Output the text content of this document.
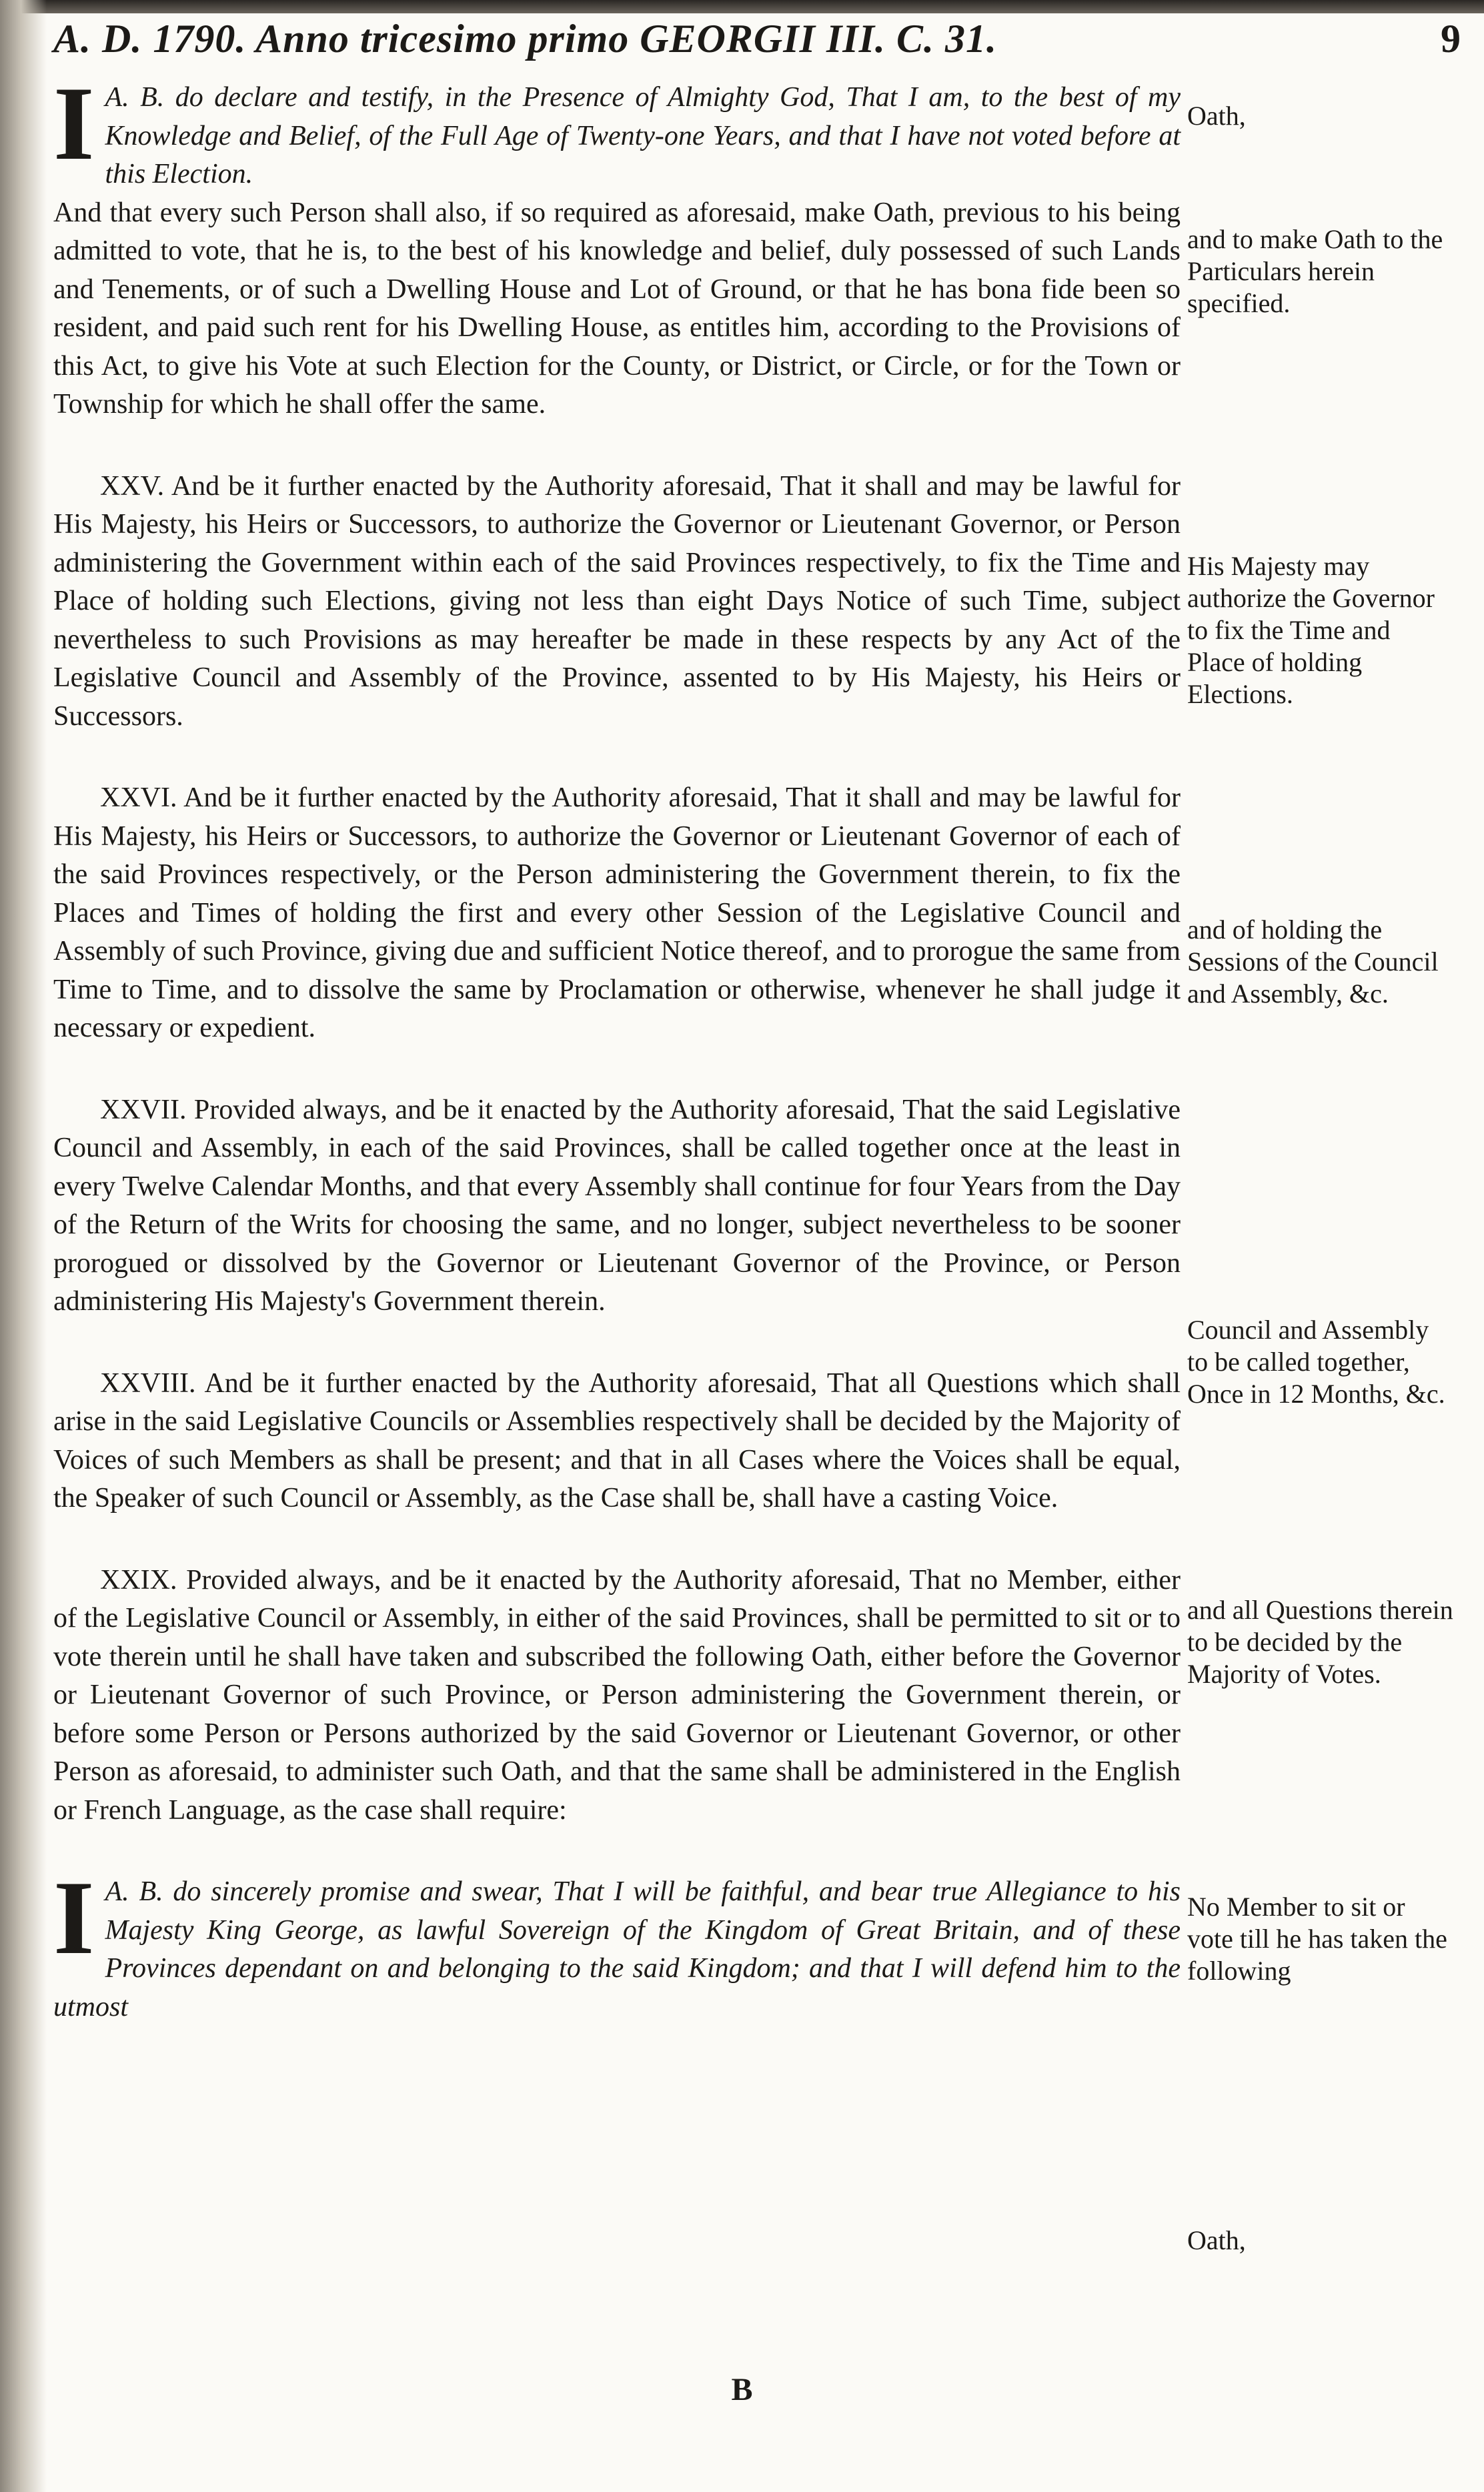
A. D. 1790. Anno tricesimo primo GEORGII III. C. 31.	9

IA. B. do declare and testify, in the Presence of Almighty God, That I am, to the best of my Knowledge and Belief, of the Full Age of Twenty-one Years, and that I have not voted before at this Election.

And that every such Person shall also, if so required as aforesaid, make Oath, previous to his being admitted to vote, that he is, to the best of his knowledge and belief, duly possessed of such Lands and Tenements, or of such a Dwelling House and Lot of Ground, or that he has bona fide been so resident, and paid such rent for his Dwelling House, as entitles him, according to the Provisions of this Act, to give his Vote at such Election for the County, or District, or Circle, or for the Town or Township for which he shall offer the same.

XXV. And be it further enacted by the Authority aforesaid, That it shall and may be lawful for His Majesty, his Heirs or Successors, to authorize the Governor or Lieutenant Governor, or Person administering the Government within each of the said Provinces respectively, to fix the Time and Place of holding such Elections, giving not less than eight Days Notice of such Time, subject nevertheless to such Provisions as may hereafter be made in these respects by any Act of the Legislative Council and Assembly of the Province, assented to by His Majesty, his Heirs or Successors.

XXVI. And be it further enacted by the Authority aforesaid, That it shall and may be lawful for His Majesty, his Heirs or Successors, to authorize the Governor or Lieutenant Governor of each of the said Provinces respectively, or the Person administering the Government therein, to fix the Places and Times of holding the first and every other Session of the Legislative Council and Assembly of such Province, giving due and sufficient Notice thereof, and to prorogue the same from Time to Time, and to dissolve the same by Proclamation or otherwise, whenever he shall judge it necessary or expedient.

XXVII. Provided always, and be it enacted by the Authority aforesaid, That the said Legislative Council and Assembly, in each of the said Provinces, shall be called together once at the least in every Twelve Calendar Months, and that every Assembly shall continue for four Years from the Day of the Return of the Writs for choosing the same, and no longer, subject nevertheless to be sooner prorogued or dissolved by the Governor or Lieutenant Governor of the Province, or Person administering His Majesty's Government therein.

XXVIII. And be it further enacted by the Authority aforesaid, That all Questions which shall arise in the said Legislative Councils or Assemblies respectively shall be decided by the Majority of Voices of such Members as shall be present; and that in all Cases where the Voices shall be equal, the Speaker of such Council or Assembly, as the Case shall be, shall have a casting Voice.

XXIX. Provided always, and be it enacted by the Authority aforesaid, That no Member, either of the Legislative Council or Assembly, in either of the said Provinces, shall be permitted to sit or to vote therein until he shall have taken and subscribed the following Oath, either before the Governor or Lieutenant Governor of such Province, or Person administering the Government therein, or before some Person or Persons authorized by the said Governor or Lieutenant Governor, or other Person as aforesaid, to administer such Oath, and that the same shall be administered in the English or French Language, as the case shall require:

IA. B. do sincerely promise and swear, That I will be faithful, and bear true Allegiance to his Majesty King George, as lawful Sovereign of the Kingdom of Great Britain, and of these Provinces dependant on and belonging to the said Kingdom; and that I will defend him to the utmost

Oath,
and to make Oath to the Particulars herein specified.
His Majesty may authorize the Governor to fix the Time and Place of holding Elections.
and of holding the Sessions of the Council and Assembly, &c.
Council and Assembly to be called together, Once in 12 Months, &c.
and all Questions therein to be decided by the Majority of Votes.
No Member to sit or vote till he has taken the following
Oath,
B
